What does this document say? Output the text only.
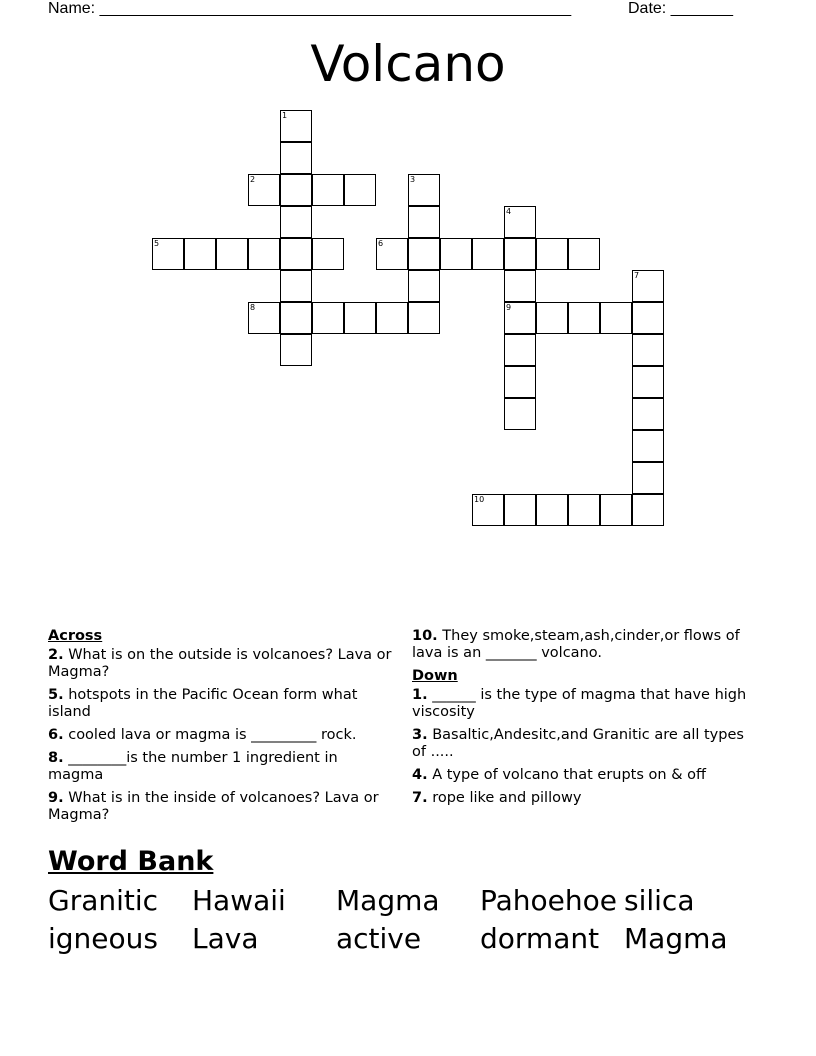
Name: _____________________________________________________	Date: _______
Volcano
1
2	3
4
5	6
7
8	9
10
Across
2. What is on the outside is volcanoes? Lava or Magma?
5. hotspots in the Pacific Ocean form what island
6. cooled lava or magma is _________ rock.
8. ________is the number 1 ingredient in magma
9. What is in the inside of volcanoes? Lava or Magma?
10. They smoke,steam,ash,cinder,or flows of lava is an _______ volcano.
Down
1. ______ is the type of magma that have high viscosity
3. Basaltic,Andesitc,and Granitic are all types of .....
4. A type of volcano that erupts on & off
7. rope like and pillowy
Word Bank
Granitic Hawaii Magma Pahoehoe silica
igneous Lava	active dormant Magma
